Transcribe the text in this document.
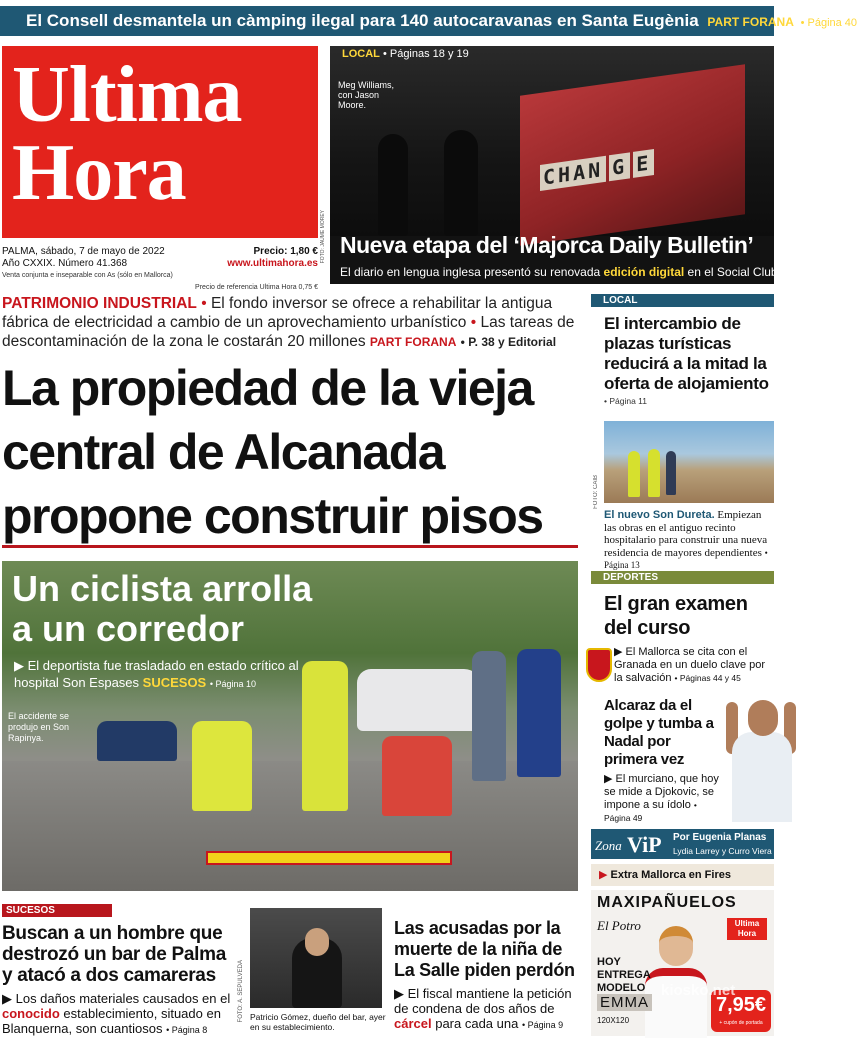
El Consell desmantela un càmping ilegal para 140 autocaravanas en Santa Eugènia PART FORANA • Página 40
Ultima
Hora
PALMA, sábado, 7 de mayo de 2022	Precio: 1,80 €
Año CXXIX. Número 41.368	www.ultimahora.es
Venta conjunta e inseparable con As (sólo en Mallorca)
Precio de referencia Ultima Hora 0,75 €
CHAN G E
LOCAL • Páginas 18 y 19
Meg Williams, con Jason Moore.
Nueva etapa del ‘Majorca Daily Bulletin’
El diario en lengua inglesa presentó su renovada edición digital en el Social Club
FOTO: JAUME MOREY
PATRIMONIO INDUSTRIAL • El fondo inversor se ofrece a rehabilitar la antigua fábrica de electricidad a cambio de un aprovechamiento urbanístico • Las tareas de descontaminación de la zona le costarán 20 millones PART FORANA • P. 38 y Editorial
La propiedad de la vieja central de Alcanada propone construir pisos
Un ciclista arrolla
a un corredor
▶ El deportista fue trasladado en estado crítico al hospital Son Espases SUCESOS • Página 10
El accidente se produjo en Son Rapinya.
SUCESOS
Buscan a un hombre que destrozó un bar de Palma y atacó a dos camareras

▶ Los daños materiales causados en el conocido establecimiento, situado en Blanquerna, son cuantiosos • Página 8

FOTO: A. SEPÚLVEDA Patricio Gómez, dueño del bar, ayer en su establecimiento.
Las acusadas por la muerte de la niña de La Salle piden perdón

▶ El fiscal mantiene la petición de condena de dos años de cárcel para cada una • Página 9

LOCAL
El intercambio de plazas turísticas reducirá a la mitad la oferta de alojamiento
• Página 11
FOTO: CAIB
El nuevo Son Dureta. Empiezan las obras en el antiguo recinto hospitalario para construir una nueva residencia de mayores dependientes • Página 13
DEPORTES
El gran examen del curso
▶ El Mallorca se cita con el Granada en un duelo clave por la salvación • Páginas 44 y 45
Alcaraz da el golpe y tumba a Nadal por primera vez

▶ El murciano, que hoy se mide a Djokovic, se impone a su ídolo • Página 49

Zona ViP Por Eugenia Planas
Lydia Larrey y Curro Viera
▶ Extra Mallorca en Fires
MAXIPAÑUELOS
El Potro	Ultima Hora
HOY
ENTREGA
MODELO
EMMA
120X120
7,95€
+ cupón de portada
kiosko.net
